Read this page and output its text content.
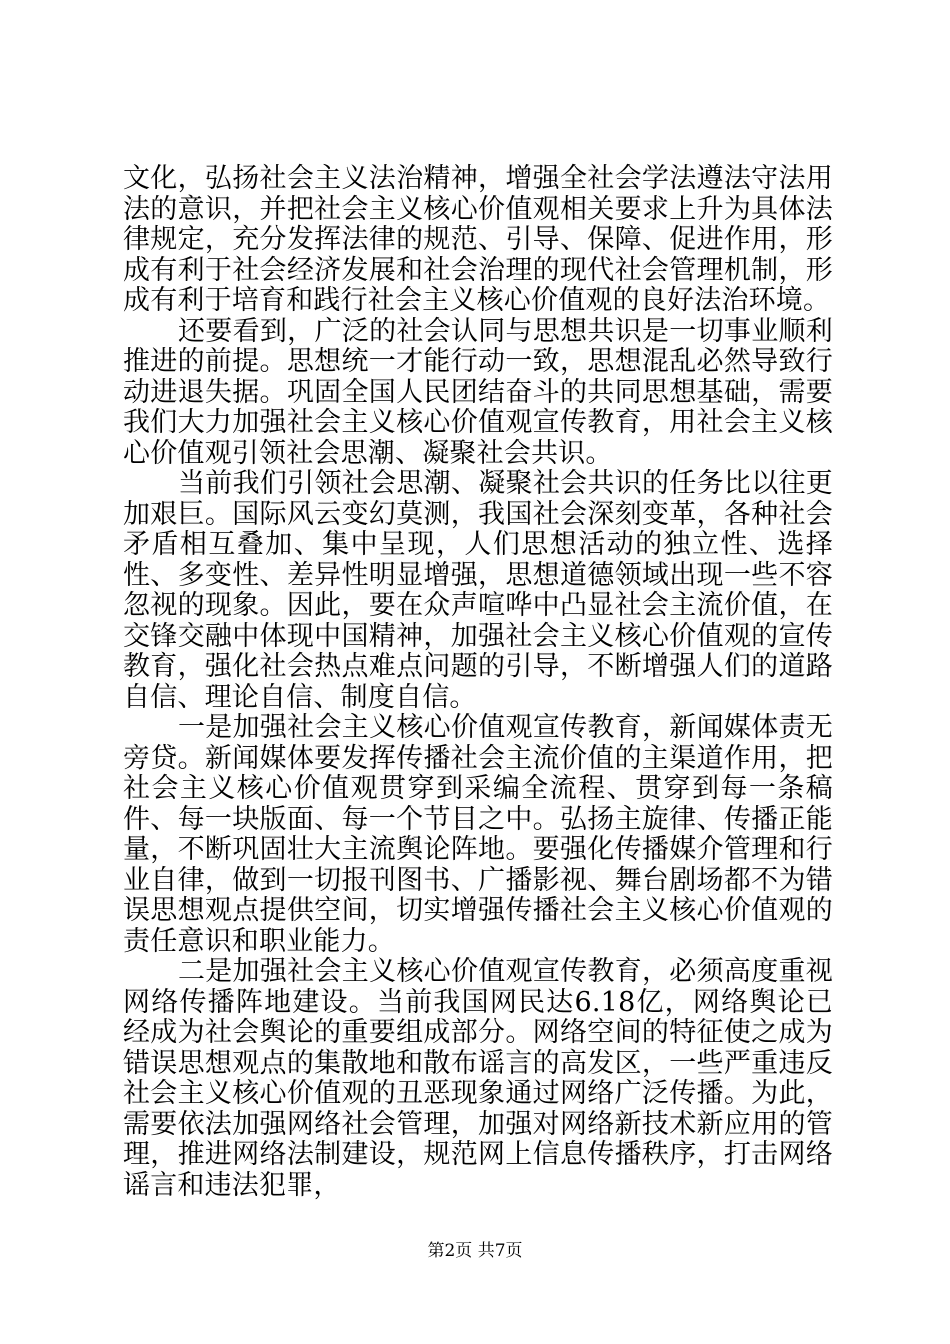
文化，弘扬社会主义法治精神，增强全社会学法遵法守法用法的意识，并把社会主义核心价值观相关要求上升为具体法律规定，充分发挥法律的规范、引导、保障、促进作用，形成有利于社会经济发展和社会治理的现代社会管理机制，形成有利于培育和践行社会主义核心价值观的良好法治环境。

还要看到，广泛的社会认同与思想共识是一切事业顺利推进的前提。思想统一才能行动一致，思想混乱必然导致行动进退失据。巩固全国人民团结奋斗的共同思想基础，需要我们大力加强社会主义核心价值观宣传教育，用社会主义核心价值观引领社会思潮、凝聚社会共识。

当前我们引领社会思潮、凝聚社会共识的任务比以往更加艰巨。国际风云变幻莫测，我国社会深刻变革，各种社会矛盾相互叠加、集中呈现，人们思想活动的独立性、选择性、多变性、差异性明显增强，思想道德领域出现一些不容忽视的现象。因此，要在众声喧哗中凸显社会主流价值，在交锋交融中体现中国精神，加强社会主义核心价值观的宣传教育，强化社会热点难点问题的引导，不断增强人们的道路自信、理论自信、制度自信。

一是加强社会主义核心价值观宣传教育，新闻媒体责无旁贷。新闻媒体要发挥传播社会主流价值的主渠道作用，把社会主义核心价值观贯穿到采编全流程、贯穿到每一条稿件、每一块版面、每一个节目之中。弘扬主旋律、传播正能量，不断巩固壮大主流舆论阵地。要强化传播媒介管理和行业自律，做到一切报刊图书、广播影视、舞台剧场都不为错误思想观点提供空间，切实增强传播社会主义核心价值观的责任意识和职业能力。

二是加强社会主义核心价值观宣传教育，必须高度重视网络传播阵地建设。当前我国网民达6.18亿，网络舆论已经成为社会舆论的重要组成部分。网络空间的特征使之成为错误思想观点的集散地和散布谣言的高发区，一些严重违反社会主义核心价值观的丑恶现象通过网络广泛传播。为此，需要依法加强网络社会管理，加强对网络新技术新应用的管理，推进网络法制建设，规范网上信息传播秩序，打击网络谣言和违法犯罪，

第2页 共7页
